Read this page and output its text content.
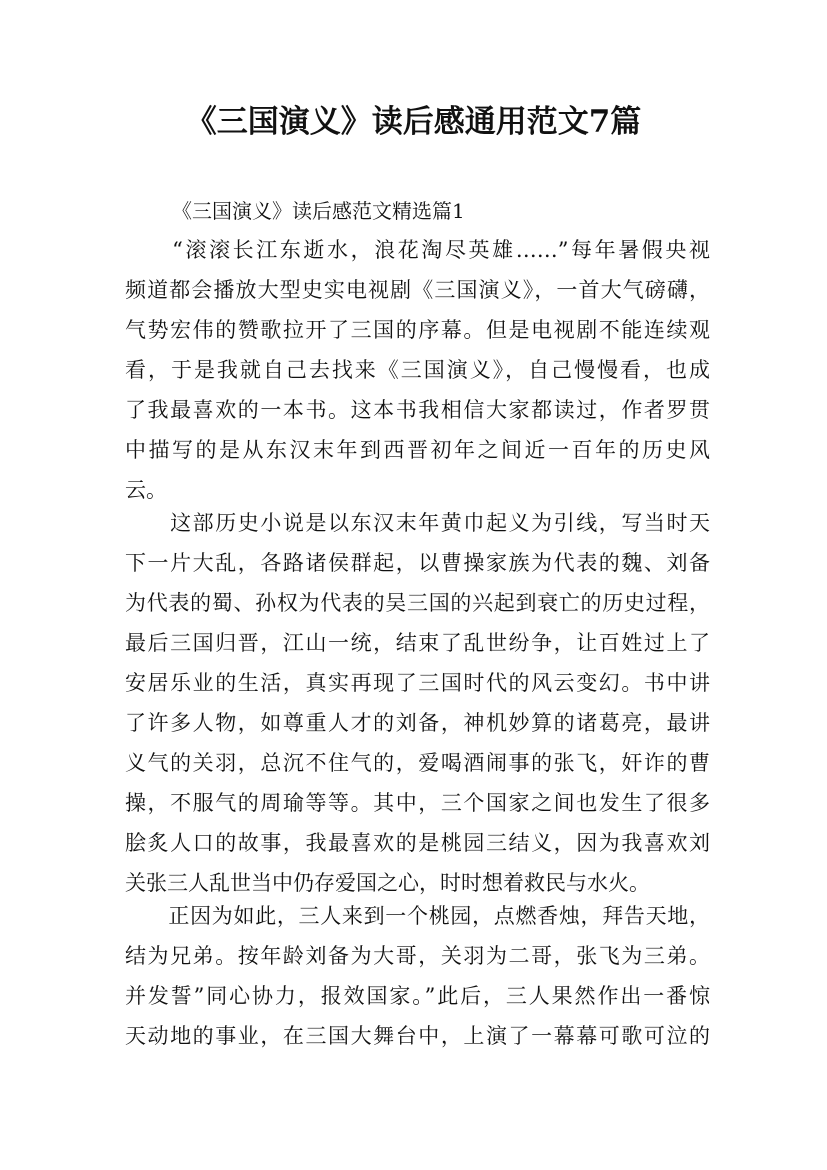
《三国演义》读后感通用范文7篇
《三国演义》读后感范文精选篇1
　　“滚滚长江东逝水，浪花淘尽英雄……”每年暑假央视
频道都会播放大型史实电视剧《三国演义》，一首大气磅礴，
气势宏伟的赞歌拉开了三国的序幕。但是电视剧不能连续观
看，于是我就自己去找来《三国演义》，自己慢慢看，也成
了我最喜欢的一本书。这本书我相信大家都读过，作者罗贯
中描写的是从东汉末年到西晋初年之间近一百年的历史风
云。
　　这部历史小说是以东汉末年黄巾起义为引线，写当时天
下一片大乱，各路诸侯群起，以曹操家族为代表的魏、刘备
为代表的蜀、孙权为代表的吴三国的兴起到衰亡的历史过程，
最后三国归晋，江山一统，结束了乱世纷争，让百姓过上了
安居乐业的生活，真实再现了三国时代的风云变幻。书中讲
了许多人物，如尊重人才的刘备，神机妙算的诸葛亮，最讲
义气的关羽，总沉不住气的，爱喝酒闹事的张飞，奸诈的曹
操，不服气的周瑜等等。其中，三个国家之间也发生了很多
脍炙人口的故事，我最喜欢的是桃园三结义，因为我喜欢刘
关张三人乱世当中仍存爱国之心，时时想着救民与水火。
　　正因为如此，三人来到一个桃园，点燃香烛，拜告天地，
结为兄弟。按年龄刘备为大哥，关羽为二哥，张飞为三弟。
并发誓”同心协力，报效国家。”此后，三人果然作出一番惊
天动地的事业，在三国大舞台中，上演了一幕幕可歌可泣的
